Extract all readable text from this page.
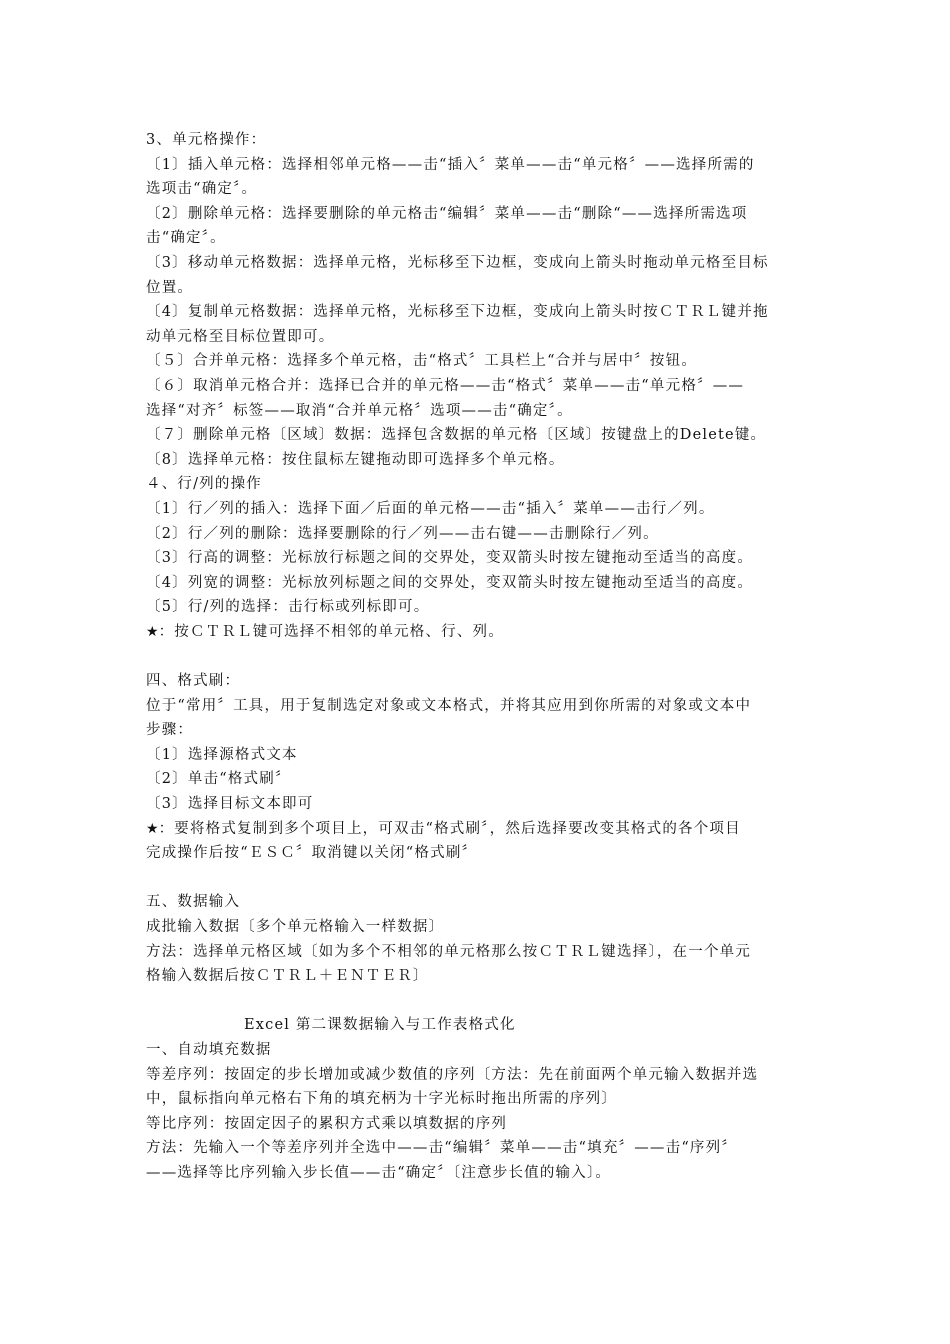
3、单元格操作：
〔1〕插入单元格：选择相邻单元格——击“插入〞菜单——击“单元格〞——选择所需的
选项击“确定〞。
〔2〕删除单元格：选择要删除的单元格击“编辑〞菜单——击“删除“——选择所需选项
击“确定〞。
〔3〕移动单元格数据：选择单元格，光标移至下边框，变成向上箭头时拖动单元格至目标
位置。
〔4〕复制单元格数据：选择单元格，光标移至下边框，变成向上箭头时按ＣＴＲＬ键并拖
动单元格至目标位置即可。
〔５〕合并单元格：选择多个单元格，击“格式〞工具栏上“合并与居中〞按钮。
〔６〕取消单元格合并：选择已合并的单元格——击“格式〞菜单——击“单元格〞——
选择“对齐〞标签——取消“合并单元格〞选项——击“确定〞。
〔７〕删除单元格〔区域〕数据：选择包含数据的单元格〔区域〕按键盘上的Delete键。
〔8〕选择单元格：按住鼠标左键拖动即可选择多个单元格。
４、行/列的操作
〔1〕行／列的插入：选择下面／后面的单元格——击“插入〞菜单——击行／列。
〔2〕行／列的删除：选择要删除的行／列——击右键——击删除行／列。
〔3〕行高的调整：光标放行标题之间的交界处，变双箭头时按左键拖动至适当的高度。
〔4〕列宽的调整：光标放列标题之间的交界处，变双箭头时按左键拖动至适当的高度。
〔5〕行/列的选择：击行标或列标即可。
★：按ＣＴＲＬ键可选择不相邻的单元格、行、列。
四、格式刷：
位于“常用〞工具，用于复制选定对象或文本格式，并将其应用到你所需的对象或文本中
步骤：
〔1〕选择源格式文本
〔2〕单击“格式刷〞
〔3〕选择目标文本即可
★：要将格式复制到多个项目上，可双击“格式刷〞，然后选择要改变其格式的各个项目
完成操作后按“ＥＳＣ〞取消键以关闭“格式刷〞
五、数据输入
成批输入数据〔多个单元格输入一样数据〕
方法：选择单元格区域〔如为多个不相邻的单元格那么按ＣＴＲＬ键选择〕，在一个单元
格输入数据后按ＣＴＲＬ＋ＥＮＴＥＲ〕
Excel 第二课数据输入与工作表格式化
一、自动填充数据
等差序列：按固定的步长增加或减少数值的序列〔方法：先在前面两个单元输入数据并选
中，鼠标指向单元格右下角的填充柄为十字光标时拖出所需的序列〕
等比序列：按固定因子的累积方式乘以填数据的序列
方法：先输入一个等差序列并全选中——击“编辑〞菜单——击“填充〞——击“序列〞
——选择等比序列输入步长值——击“确定〞〔注意步长值的输入〕。
